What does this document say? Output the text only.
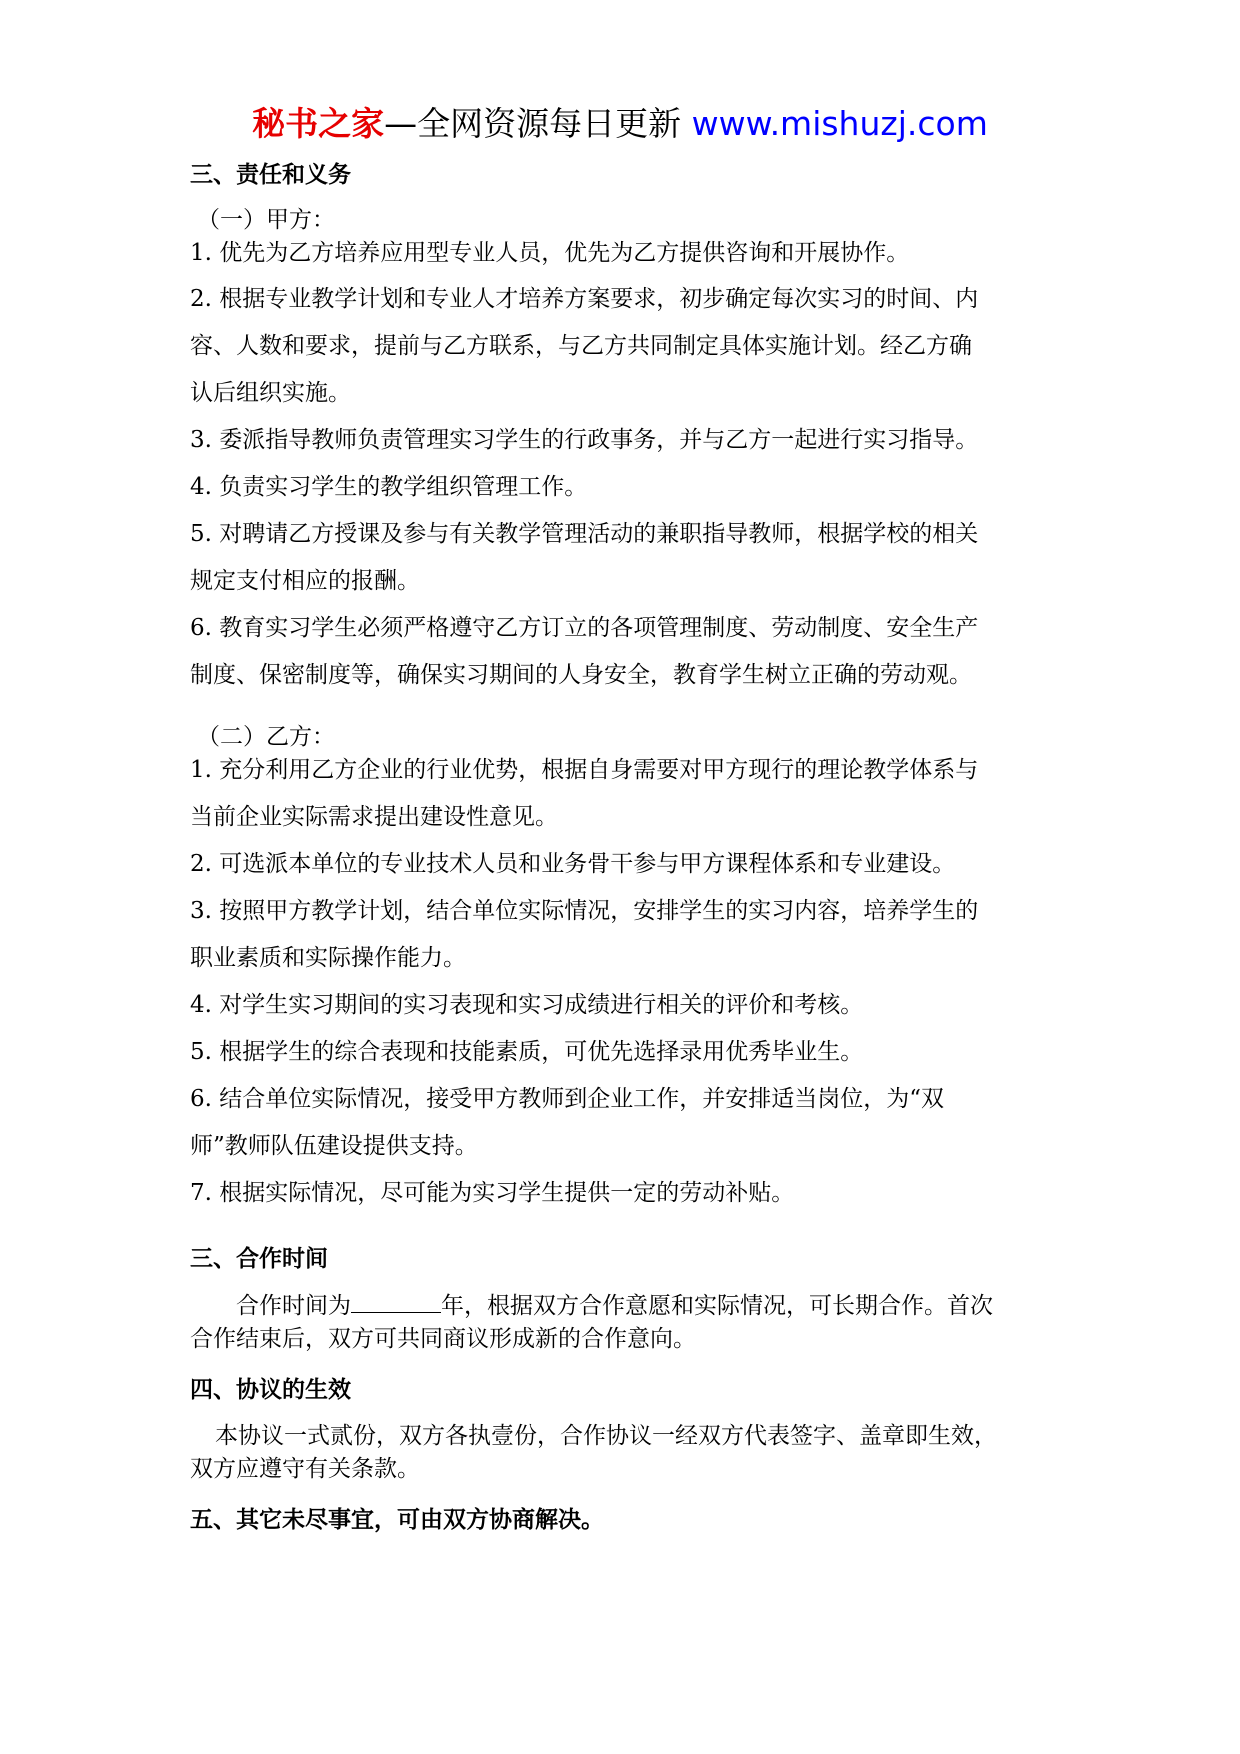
秘书之家—全网资源每日更新 www.mishuzj.com
三、责任和义务
（一）甲方：
1. 优先为乙方培养应用型专业人员，优先为乙方提供咨询和开展协作。
2. 根据专业教学计划和专业人才培养方案要求，初步确定每次实习的时间、内
容、人数和要求，提前与乙方联系，与乙方共同制定具体实施计划。经乙方确
认后组织实施。
3. 委派指导教师负责管理实习学生的行政事务，并与乙方一起进行实习指导。
4. 负责实习学生的教学组织管理工作。
5. 对聘请乙方授课及参与有关教学管理活动的兼职指导教师，根据学校的相关
规定支付相应的报酬。
6. 教育实习学生必须严格遵守乙方订立的各项管理制度、劳动制度、安全生产
制度、保密制度等，确保实习期间的人身安全，教育学生树立正确的劳动观。
（二）乙方：
1. 充分利用乙方企业的行业优势，根据自身需要对甲方现行的理论教学体系与
当前企业实际需求提出建设性意见。
2. 可选派本单位的专业技术人员和业务骨干参与甲方课程体系和专业建设。
3. 按照甲方教学计划，结合单位实际情况，安排学生的实习内容，培养学生的
职业素质和实际操作能力。
4. 对学生实习期间的实习表现和实习成绩进行相关的评价和考核。
5. 根据学生的综合表现和技能素质，可优先选择录用优秀毕业生。
6. 结合单位实际情况，接受甲方教师到企业工作，并安排适当岗位，为“双
师”教师队伍建设提供支持。
7. 根据实际情况，尽可能为实习学生提供一定的劳动补贴。
三、合作时间
合作时间为	年，根据双方合作意愿和实际情况，可长期合作。首次
合作结束后，双方可共同商议形成新的合作意向。
四、协议的生效
本协议一式贰份，双方各执壹份，合作协议一经双方代表签字、盖章即生效，
双方应遵守有关条款。
五、其它未尽事宜，可由双方协商解决。
